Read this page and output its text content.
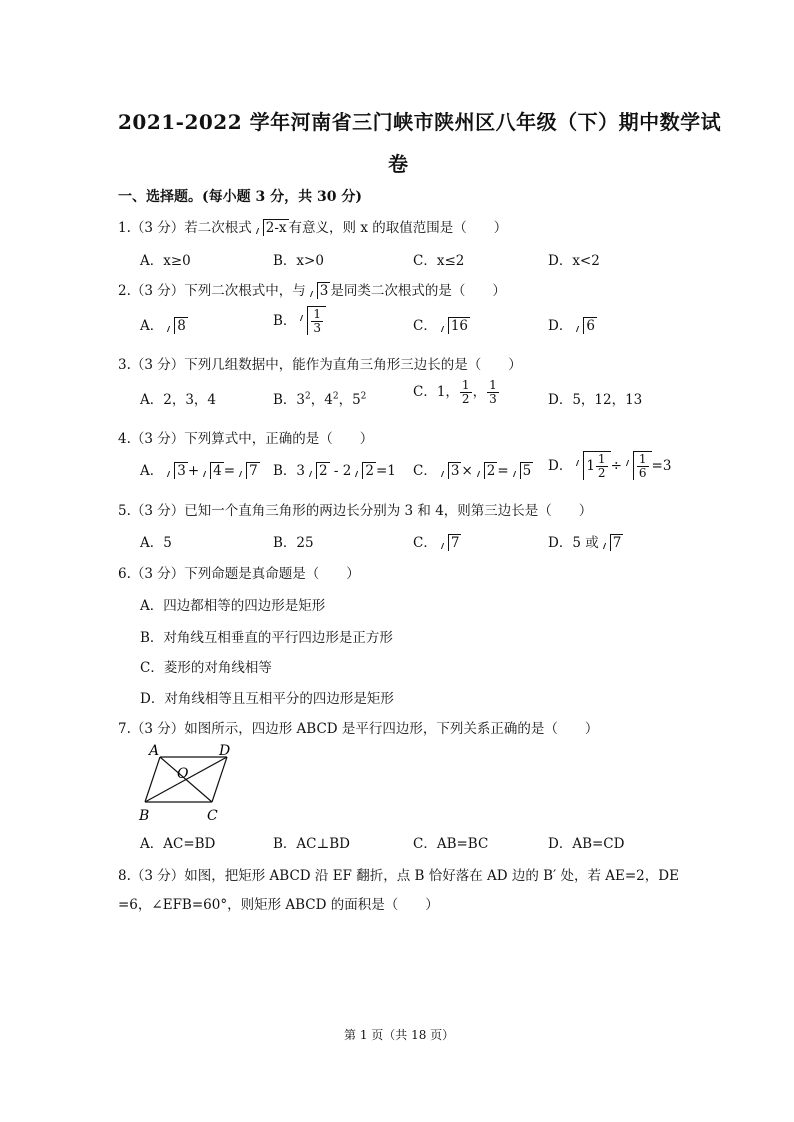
2021-2022 学年河南省三门峡市陕州区八年级（下）期中数学试
卷
一、选择题。(每小题 3 分，共 30 分)
1.（3 分）若二次根式 2-x 有意义，则 x 的取值范围是（　　）
A．x≥0	B．x>0	C．x≤2	D．x<2
2.（3 分）下列二次根式中，与 3 是同类二次根式的是（　　）
A． 8	B． $\frac{1}{3}$	C． 16	D． 6
3.（3 分）下列几组数据中，能作为直角三角形三边长的是（　　）
A．2，3，4	B．$3^2$，$4^2$，$5^2$	C．1， $\frac{1}{2}$ ， $\frac{1}{3}$	D．5，12，13
4.（3 分）下列算式中，正确的是（　　）
A． 3 + 4 = 7 B．3 2 - 2 2 =1 C． 3 × 2 = 5 D． $1 \frac{1}{2} \div \frac{1}{6} =3$
5.（3 分）已知一个直角三角形的两边长分别为 3 和 4，则第三边长是（　　）
A．5	B．25	C． 7	D．5 或 7
6.（3 分）下列命题是真命题是（　　）
A．四边都相等的四边形是矩形
B．对角线互相垂直的平行四边形是正方形
C．菱形的对角线相等
D．对角线相等且互相平分的四边形是矩形
7.（3 分）如图所示，四边形 ABCD 是平行四边形，下列关系正确的是（　　）
A	D
B	C
O
A．AC=BD	B．AC⊥BD	C．AB=BC	D．AB=CD
8.（3 分）如图，把矩形 ABCD 沿 EF 翻折，点 B 恰好落在 AD 边的 B′ 处，若 AE=2，DE
=6，∠EFB=60°，则矩形 ABCD 的面积是（　　）
第 1 页（共 18 页）
